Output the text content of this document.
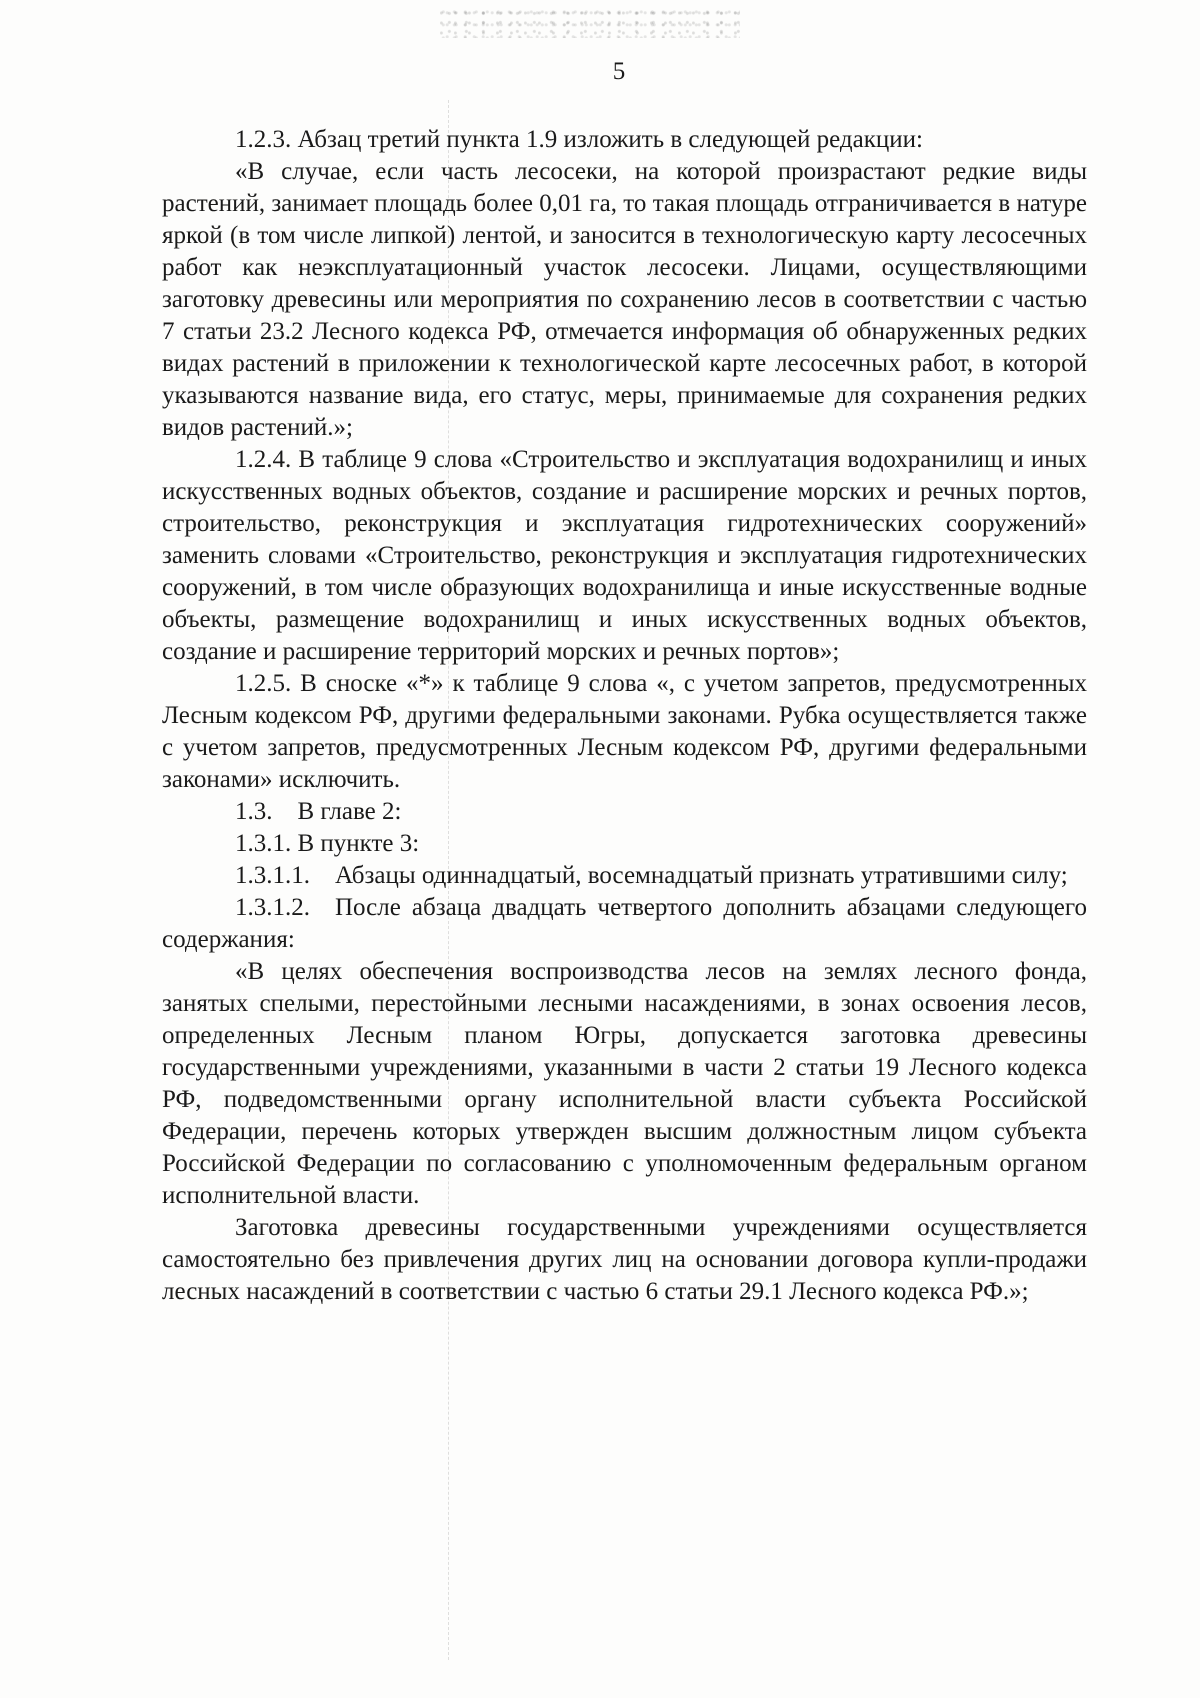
5

1.2.3. Абзац третий пункта 1.9 изложить в следующей редакции:

«В случае, если часть лесосеки, на которой произрастают редкие виды растений, занимает площадь более 0,01 га, то такая площадь отграничивается в натуре яркой (в том числе липкой) лентой, и заносится в технологическую карту лесосечных работ как неэксплуатационный участок лесосеки. Лицами, осуществляющими заготовку древесины или мероприятия по сохранению лесов в соответствии с частью 7 статьи 23.2 Лесного кодекса РФ, отмечается информация об обнаруженных редких видах растений в приложении к технологической карте лесосечных работ, в которой указываются название вида, его статус, меры, принимаемые для сохранения редких видов растений.»;

1.2.4. В таблице 9 слова «Строительство и эксплуатация водохранилищ и иных искусственных водных объектов, создание и расширение морских и речных портов, строительство, реконструкция и эксплуатация гидротехнических сооружений» заменить словами «Строительство, реконструкция и эксплуатация гидротехнических сооружений, в том числе образующих водохранилища и иные искусственные водные объекты, размещение водохранилищ и иных искусственных водных объектов, создание и расширение территорий морских и речных портов»;

1.2.5. В сноске «*» к таблице 9 слова «, с учетом запретов, предусмотренных Лесным кодексом РФ, другими федеральными законами. Рубка осуществляется также с учетом запретов, предусмотренных Лесным кодексом РФ, другими федеральными законами» исключить.

1.3. В главе 2:

1.3.1. В пункте 3:

1.3.1.1. Абзацы одиннадцатый, восемнадцатый признать утратившими силу;

1.3.1.2. После абзаца двадцать четвертого дополнить абзацами следующего содержания:

«В целях обеспечения воспроизводства лесов на землях лесного фонда, занятых спелыми, перестойными лесными насаждениями, в зонах освоения лесов, определенных Лесным планом Югры, допускается заготовка древесины государственными учреждениями, указанными в части 2 статьи 19 Лесного кодекса РФ, подведомственными органу исполнительной власти субъекта Российской Федерации, перечень которых утвержден высшим должностным лицом субъекта Российской Федерации по согласованию с уполномоченным федеральным органом исполнительной власти.

Заготовка древесины государственными учреждениями осуществляется самостоятельно без привлечения других лиц на основании договора купли-продажи лесных насаждений в соответствии с частью 6 статьи 29.1 Лесного кодекса РФ.»;
